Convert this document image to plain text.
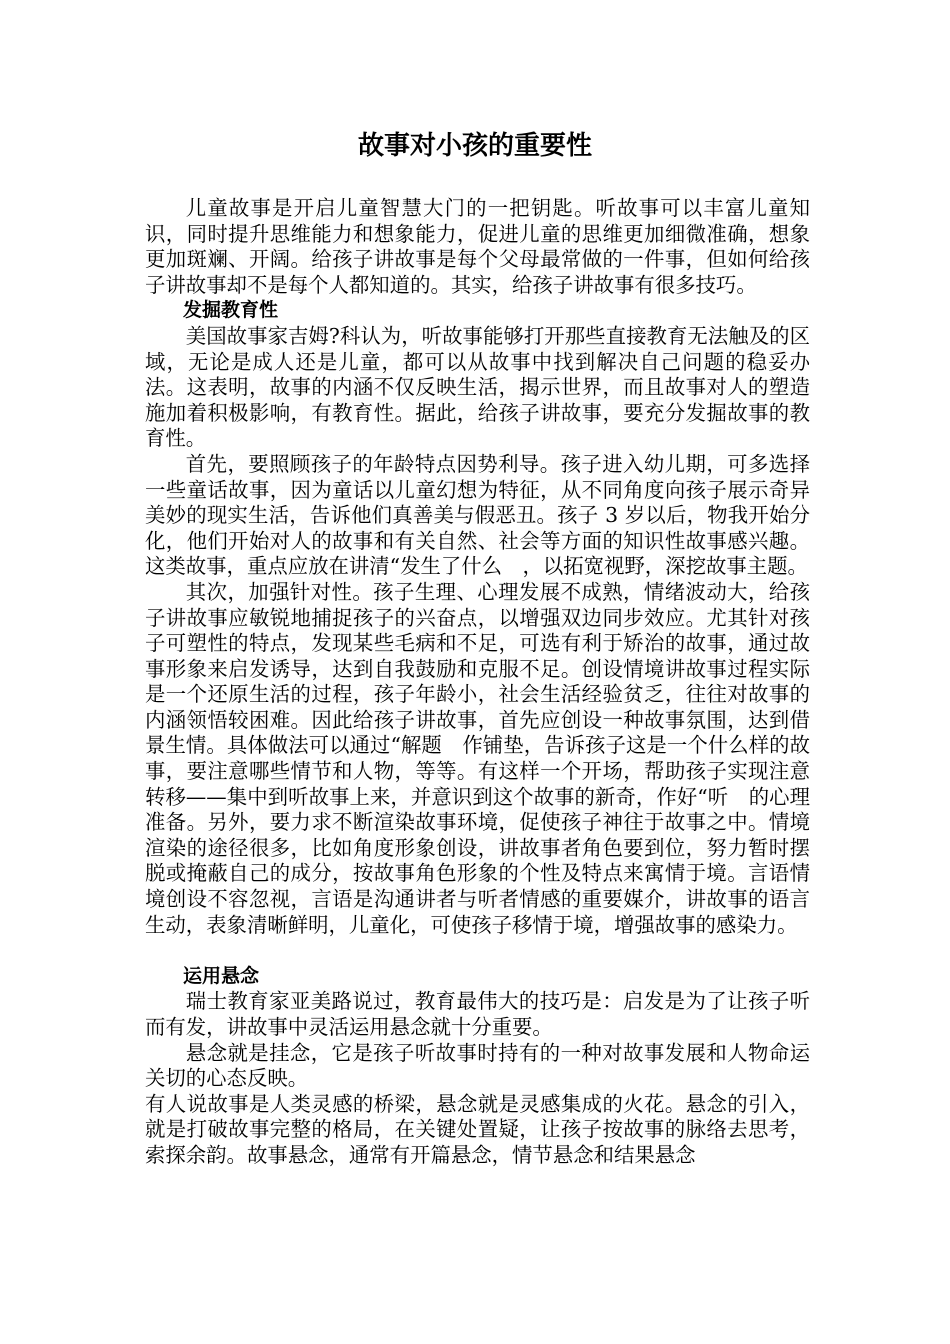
故事对小孩的重要性

儿童故事是开启儿童智慧大门的一把钥匙。听故事可以丰富儿童知识，同时提升思维能力和想象能力，促进儿童的思维更加细微准确，想象更加斑斓、开阔。给孩子讲故事是每个父母最常做的一件事，但如何给孩子讲故事却不是每个人都知道的。其实，给孩子讲故事有很多技巧。

发掘教育性

美国故事家吉姆?科认为，听故事能够打开那些直接教育无法触及的区域，无论是成人还是儿童，都可以从故事中找到解决自己问题的稳妥办法。这表明，故事的内涵不仅反映生活，揭示世界，而且故事对人的塑造施加着积极影响，有教育性。据此，给孩子讲故事，要充分发掘故事的教育性。

首先，要照顾孩子的年龄特点因势利导。孩子进入幼儿期，可多选择一些童话故事，因为童话以儿童幻想为特征，从不同角度向孩子展示奇异美妙的现实生活，告诉他们真善美与假恶丑。孩子 3 岁以后，物我开始分化，他们开始对人的故事和有关自然、社会等方面的知识性故事感兴趣。这类故事，重点应放在讲清“发生了什么　，以拓宽视野，深挖故事主题。

其次，加强针对性。孩子生理、心理发展不成熟，情绪波动大，给孩子讲故事应敏锐地捕捉孩子的兴奋点，以增强双边同步效应。尤其针对孩子可塑性的特点，发现某些毛病和不足，可选有利于矫治的故事，通过故事形象来启发诱导，达到自我鼓励和克服不足。创设情境讲故事过程实际是一个还原生活的过程，孩子年龄小，社会生活经验贫乏，往往对故事的内涵领悟较困难。因此给孩子讲故事，首先应创设一种故事氛围，达到借景生情。具体做法可以通过“解题　作铺垫，告诉孩子这是一个什么样的故事，要注意哪些情节和人物，等等。有这样一个开场，帮助孩子实现注意转移——集中到听故事上来，并意识到这个故事的新奇，作好“听　的心理准备。另外，要力求不断渲染故事环境，促使孩子神往于故事之中。情境渲染的途径很多，比如角度形象创设，讲故事者角色要到位，努力暂时摆脱或掩蔽自己的成分，按故事角色形象的个性及特点来寓情于境。言语情境创设不容忽视，言语是沟通讲者与听者情感的重要媒介，讲故事的语言生动，表象清晰鲜明，儿童化，可使孩子移情于境，增强故事的感染力。

运用悬念

瑞士教育家亚美路说过，教育最伟大的技巧是：启发是为了让孩子听而有发，讲故事中灵活运用悬念就十分重要。

悬念就是挂念，它是孩子听故事时持有的一种对故事发展和人物命运关切的心态反映。

有人说故事是人类灵感的桥梁，悬念就是灵感集成的火花。悬念的引入，就是打破故事完整的格局，在关键处置疑，让孩子按故事的脉络去思考，索探余韵。故事悬念，通常有开篇悬念，情节悬念和结果悬念
